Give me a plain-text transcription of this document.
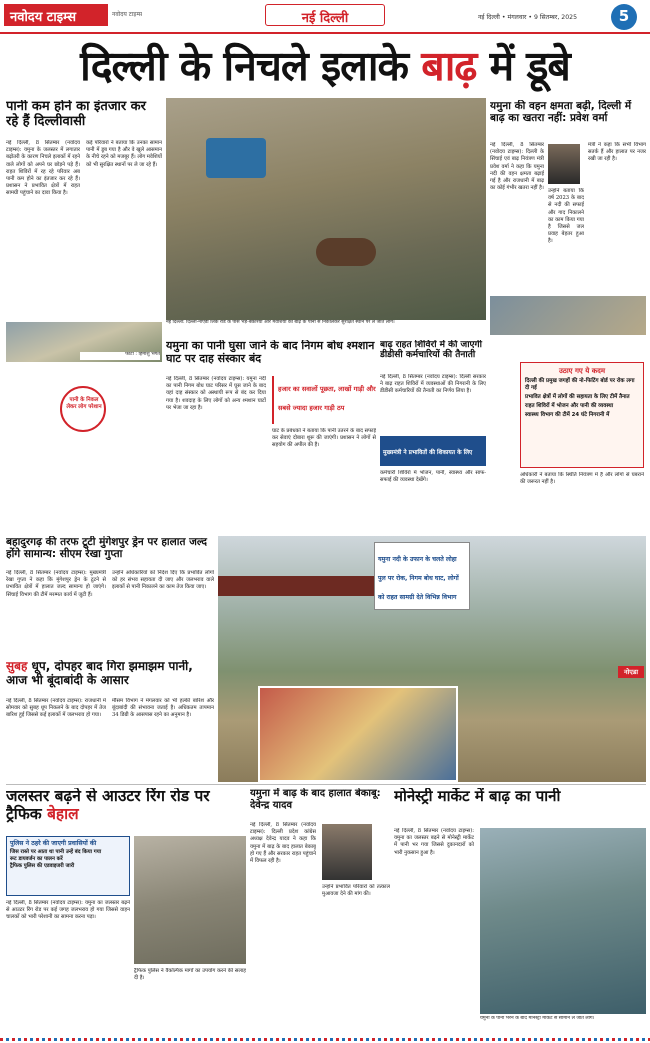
नवोदय टाइम्स	नवोदय टाइम्स	नई दिल्ली	नई दिल्ली • मंगलवार • 9 सितम्बर, 2025	5
दिल्ली के निचले इलाके बाढ़ में डूबे
पानी कम होने का इंतजार कर रहे हैं दिल्लीवासी
नई दिल्ली, 8 सितम्बर (नवोदय टाइम्स): यमुना के जलस्तर में लगातार बढ़ोतरी के कारण निचले इलाकों में रहने वाले लोगों को अपने घर छोड़ने पड़े हैं। राहत शिविरों में रह रहे परिवार अब पानी कम होने का इंतजार कर रहे हैं। प्रशासन ने प्रभावित क्षेत्रों में राहत सामग्री पहुंचाने का दावा किया है।
कई परिवारों ने बताया कि उनका सामान पानी में डूब गया है और वे खुले आसमान के नीचे रहने को मजबूर हैं। लोग मवेशियों को भी सुरक्षित स्थानों पर ले जा रहे हैं।
फोटो : हिमांशु भगत
नई दिल्ली: दिल्ली-नोएडा लिंक रोड के पास भेड़-बकरियों और मवेशियों को बाढ़ के पानी से निकालकर सुरक्षित स्थान पर ले जाते लोग।
यमुना की वहन क्षमता बढ़ी, दिल्ली में बाढ़ का खतरा नहीं: प्रवेश वर्मा
नई दिल्ली, 8 सितम्बर (नवोदय टाइम्स): दिल्ली के सिंचाई एवं बाढ़ नियंत्रण मंत्री प्रवेश वर्मा ने कहा कि यमुना नदी की वहन क्षमता बढ़ाई गई है और राजधानी में बाढ़ का कोई गंभीर खतरा नहीं है। उन्होंने बताया कि वर्ष 2023 के बाद से नदी की सफाई और गाद निकालने का काम किया गया है जिससे जल प्रवाह बेहतर हुआ है।
मंत्री ने कहा कि सभी विभाग सतर्क हैं और हालात पर नजर रखी जा रही है।
पानी के निकल लेकर लोग परेशान
यमुना का पानी घुसा जाने के बाद निगम बोध श्मशान घाट पर दाह संस्कार बंद
नई दिल्ली, 8 सितम्बर (नवोदय टाइम्स): यमुना नदी का पानी निगम बोध घाट परिसर में घुस जाने के बाद यहां दाह संस्कार को अस्थायी रूप से बंद कर दिया गया है। शवदाह के लिए लोगों को अन्य श्मशान घाटों पर भेजा जा रहा है।
हजार का सवालों पूछता, लाखों गाड़ी और सबसे ज्यादा हजार गाड़ी ठप
घाट के प्रबंधकों ने बताया कि पानी उतरने के बाद सफाई कर सेवाएं दोबारा शुरू की जाएंगी। प्रशासन ने लोगों से सहयोग की अपील की है।
बाढ़ राहत शिविरों में की जाएगी डीडीसी कर्मचारियों की तैनाती
नई दिल्ली, 8 सितम्बर (नवोदय टाइम्स): दिल्ली सरकार ने बाढ़ राहत शिविरों में व्यवस्थाओं की निगरानी के लिए डीडीसी कर्मचारियों की तैनाती का निर्णय लिया है।
मुख्यमंत्री ने प्रभावितों की शिकायत के लिए
कर्मचारी शिविरों में भोजन, पानी, स्वास्थ्य और साफ-सफाई की व्यवस्था देखेंगे।
उठाए गए ये कदम
दिल्ली की प्रमुख जगहों की नो-फिटिंग बोर्ड पर रोक लगा दी गई
प्रभावित क्षेत्रों में लोगों की सहायता के लिए टीमें तैनात
राहत शिविरों में भोजन और पानी की व्यवस्था
स्वास्थ्य विभाग की टीमें 24 घंटे निगरानी में
अधिकारी ने बताया कि स्थिति नियंत्रण में है और लोगों से घबराने की जरूरत नहीं है।
बहादुरगढ़ की तरफ टूटी मुंगेशपुर ड्रेन पर हालात जल्द होंगे सामान्य: सीएम रेखा गुप्ता
नई दिल्ली, 8 सितम्बर (नवोदय टाइम्स): मुख्यमंत्री रेखा गुप्ता ने कहा कि मुंगेशपुर ड्रेन के टूटने से प्रभावित क्षेत्रों में हालात जल्द सामान्य हो जाएंगे। सिंचाई विभाग की टीमें मरम्मत कार्य में जुटी हैं।
उन्होंने अधिकारियों को निर्देश दिए कि प्रभावित लोगों को हर संभव सहायता दी जाए और जलभराव वाले इलाकों से पानी निकालने का काम तेज किया जाए।
यमुना नदी के उफान के चलते लोहा पुल पर रोक, निगम बोध घाट, लोगों को राहत सामग्री देते विभिन्न विभाग
नोएडा
सुबह धूप, दोपहर बाद गिरा झमाझम पानी, आज भी बूंदाबांदी के आसार
नई दिल्ली, 8 सितम्बर (नवोदय टाइम्स): राजधानी में सोमवार को सुबह धूप निकलने के बाद दोपहर में तेज बारिश हुई जिससे कई इलाकों में जलभराव हो गया।
मौसम विभाग ने मंगलवार को भी हल्की बारिश और बूंदाबांदी की संभावना जताई है। अधिकतम तापमान 34 डिग्री के आसपास रहने का अनुमान है।
जलस्तर बढ़ने से आउटर रिंग रोड पर ट्रैफिक बेहाल
पुलिस ने ठहरे की जाएगी प्रवासियों की
जिस रास्ते पर आता था पानी उन्हें बंद किया गया
रूट डायवर्जन का पालन करें
ट्रैफिक पुलिस की एडवाइजरी जारी
नई दिल्ली, 8 सितम्बर (नवोदय टाइम्स): यमुना का जलस्तर बढ़ने से आउटर रिंग रोड पर कई जगह जलभराव हो गया जिससे वाहन चालकों को भारी परेशानी का सामना करना पड़ा।
ट्रैफिक पुलिस ने वैकल्पिक मार्गों का उपयोग करने की सलाह दी है।
यमुना में बाढ़ के बाद हालात बेकाबू: देवेन्द्र यादव
नई दिल्ली, 8 सितम्बर (नवोदय टाइम्स): दिल्ली प्रदेश कांग्रेस अध्यक्ष देवेन्द्र यादव ने कहा कि यमुना में बाढ़ के बाद हालात बेकाबू हो गए हैं और सरकार राहत पहुंचाने में विफल रही है।
उन्होंने प्रभावित परिवारों को तत्काल मुआवजा देने की मांग की।
मोनेस्ट्री मार्केट में बाढ़ का पानी
नई दिल्ली, 8 सितम्बर (नवोदय टाइम्स): यमुना का जलस्तर बढ़ने से मोनेस्ट्री मार्केट में पानी भर गया जिससे दुकानदारों को भारी नुकसान हुआ है।
यमुना के पानी भरने के बाद मोनेस्ट्री मार्केट से सामान ले जाते लोग।
